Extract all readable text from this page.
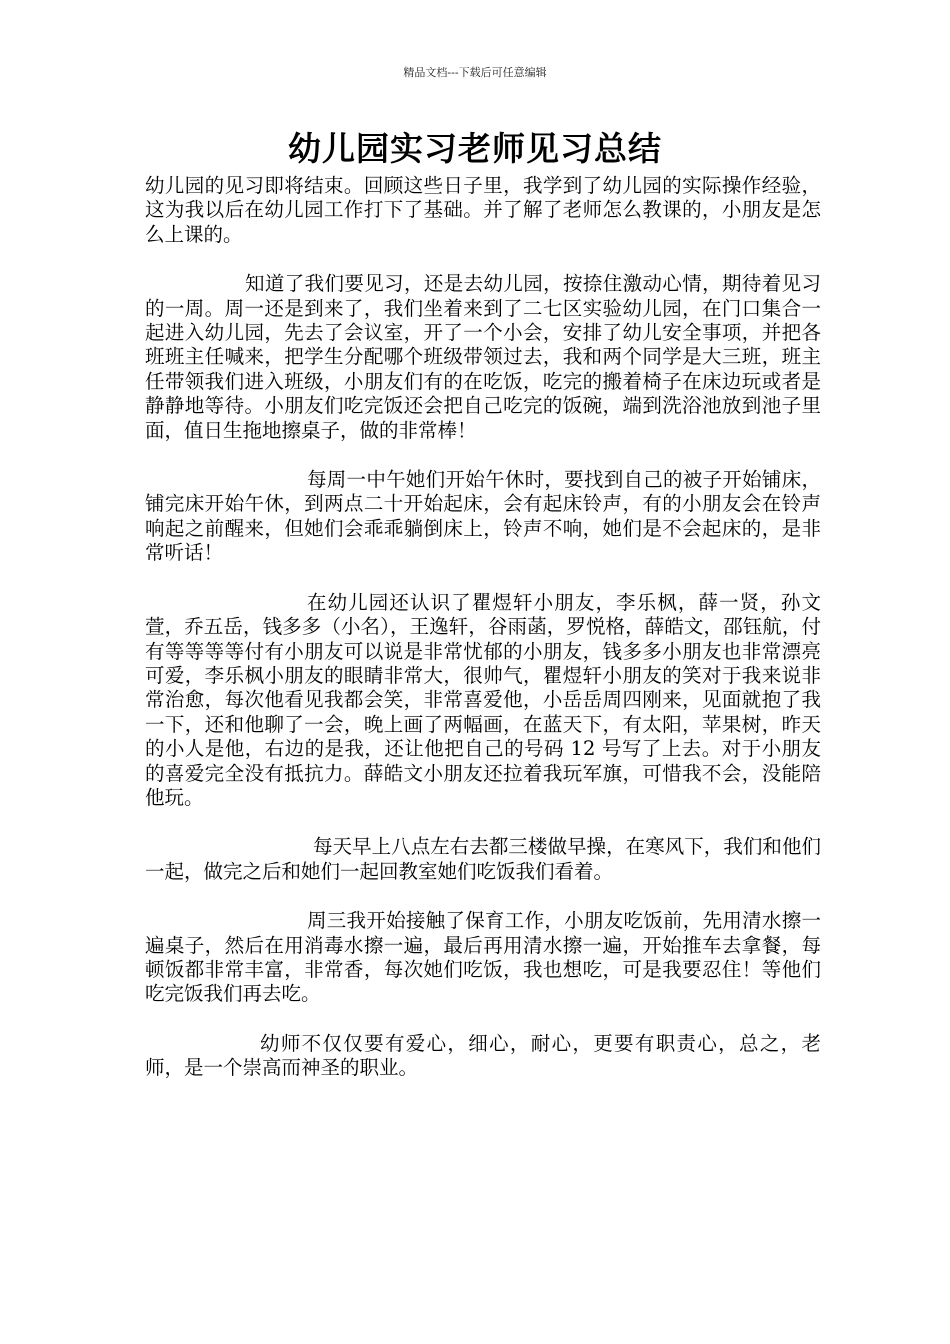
精品文档---下载后可任意编辑
幼儿园实习老师见习总结

幼儿园的见习即将结束。回顾这些日子里，我学到了幼儿园的实际操作经验，这为我以后在幼儿园工作打下了基础。并了解了老师怎么教课的，小朋友是怎么上课的。

知道了我们要见习，还是去幼儿园，按捺住激动心情，期待着见习的一周。周一还是到来了，我们坐着来到了二七区实验幼儿园，在门口集合一起进入幼儿园，先去了会议室，开了一个小会，安排了幼儿安全事项，并把各班班主任喊来，把学生分配哪个班级带领过去，我和两个同学是大三班，班主任带领我们进入班级，小朋友们有的在吃饭，吃完的搬着椅子在床边玩或者是静静地等待。小朋友们吃完饭还会把自己吃完的饭碗，端到洗浴池放到池子里面，值日生拖地擦桌子，做的非常棒！

每周一中午她们开始午休时，要找到自己的被子开始铺床，铺完床开始午休，到两点二十开始起床，会有起床铃声，有的小朋友会在铃声响起之前醒来，但她们会乖乖躺倒床上，铃声不响，她们是不会起床的，是非常听话！

在幼儿园还认识了瞿煜轩小朋友，李乐枫，薛一贤，孙文萱，乔五岳，钱多多（小名），王逸轩，谷雨菡，罗悦格，薛皓文，邵钰航，付有等等等等付有小朋友可以说是非常忧郁的小朋友，钱多多小朋友也非常漂亮可爱，李乐枫小朋友的眼睛非常大，很帅气，瞿煜轩小朋友的笑对于我来说非常治愈，每次他看见我都会笑，非常喜爱他，小岳岳周四刚来，见面就抱了我一下，还和他聊了一会，晚上画了两幅画，在蓝天下，有太阳，苹果树，昨天的小人是他，右边的是我，还让他把自己的号码 12 号写了上去。对于小朋友的喜爱完全没有抵抗力。薛皓文小朋友还拉着我玩军旗，可惜我不会，没能陪他玩。

每天早上八点左右去都三楼做早操，在寒风下，我们和他们一起，做完之后和她们一起回教室她们吃饭我们看着。

周三我开始接触了保育工作，小朋友吃饭前，先用清水擦一遍桌子，然后在用消毒水擦一遍，最后再用清水擦一遍，开始推车去拿餐，每顿饭都非常丰富，非常香，每次她们吃饭，我也想吃，可是我要忍住！等他们吃完饭我们再去吃。

幼师不仅仅要有爱心，细心，耐心，更要有职责心，总之，老师，是一个崇高而神圣的职业。
